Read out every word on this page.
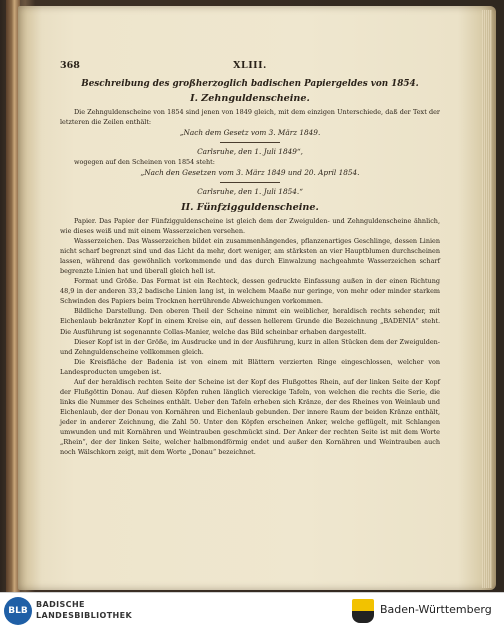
368	XLIII.
Beschreibung des großherzoglich badischen Papiergeldes von 1854.
I. Zehnguldenscheine.

Die Zehnguldenscheine von 1854 sind jenen von 1849 gleich, mit dem einzigen Unterschiede, daß der Text der letzteren die Zeilen enthält:

„Nach dem Gesetz vom 3. März 1849.
Carlsruhe, den 1. Juli 1849“,
wogegen auf den Scheinen von 1854 steht:
„Nach den Gesetzen vom 3. März 1849 und 20. April 1854.
Carlsruhe, den 1. Juli 1854.“
II. Fünfzigguldenscheine.

Papier. Das Papier der Fünfzigguldenscheine ist gleich dem der Zweigulden- und Zehnguldenscheine ähnlich, wie dieses weiß und mit einem Wasserzeichen versehen.

Wasserzeichen. Das Wasserzeichen bildet ein zusammenhängendes, pflanzenartiges Geschlinge, dessen Linien nicht scharf begrenzt sind und das Licht da mehr, dort weniger, am stärksten an vier Hauptblumen durchscheinen lassen, während das gewöhnlich vorkommende und das durch Einwalzung nachgeahmte Wasserzeichen scharf begrenzte Linien hat und überall gleich hell ist.

Format und Größe. Das Format ist ein Rechteck, dessen gedruckte Einfassung außen in der einen Richtung 48,9 in der anderen 33,2 badische Linien lang ist, in welchem Maaße nur geringe, von mehr oder minder starkem Schwinden des Papiers beim Trocknen herrührende Abweichungen vorkommen.

Bildliche Darstellung. Den oberen Theil der Scheine nimmt ein weiblicher, heraldisch rechts sehender, mit Eichenlaub bekränzter Kopf in einem Kreise ein, auf dessen hellerem Grunde die Bezeichnung „BADENIA“ steht. Die Ausführung ist sogenannte Collas-Manier, welche das Bild scheinbar erhaben dargestellt.

Dieser Kopf ist in der Größe, im Ausdrucke und in der Ausführung, kurz in allen Stücken dem der Zweigulden- und Zehnguldenscheine vollkommen gleich.

Die Kreisfläche der Badenia ist von einem mit Blättern verzierten Ringe eingeschlossen, welcher von Landesproducten umgeben ist.

Auf der heraldisch rechten Seite der Scheine ist der Kopf des Flußgottes Rhein, auf der linken Seite der Kopf der Flußgöttin Donau. Auf diesen Köpfen ruhen länglich viereckige Tafeln, von welchen die rechts die Serie, die links die Nummer des Scheines enthält. Ueber den Tafeln erheben sich Kränze, der des Rheines von Weinlaub und Eichenlaub, der der Donau von Kornähren und Eichenlaub gebunden. Der innere Raum der beiden Kränze enthält, jeder in anderer Zeichnung, die Zahl 50. Unter den Köpfen erscheinen Anker, welche geflügelt, mit Schlangen umwunden und mit Kornähren und Weintrauben geschmückt sind. Der Anker der rechten Seite ist mit dem Worte „Rhein“, der der linken Seite, welcher halbmondförmig endet und außer den Kornähren und Weintrauben auch noch Wälschkorn zeigt, mit dem Worte „Donau“ bezeichnet.

BLB
BADISCHE
LANDESBIBLIOTHEK	Baden-Württemberg
